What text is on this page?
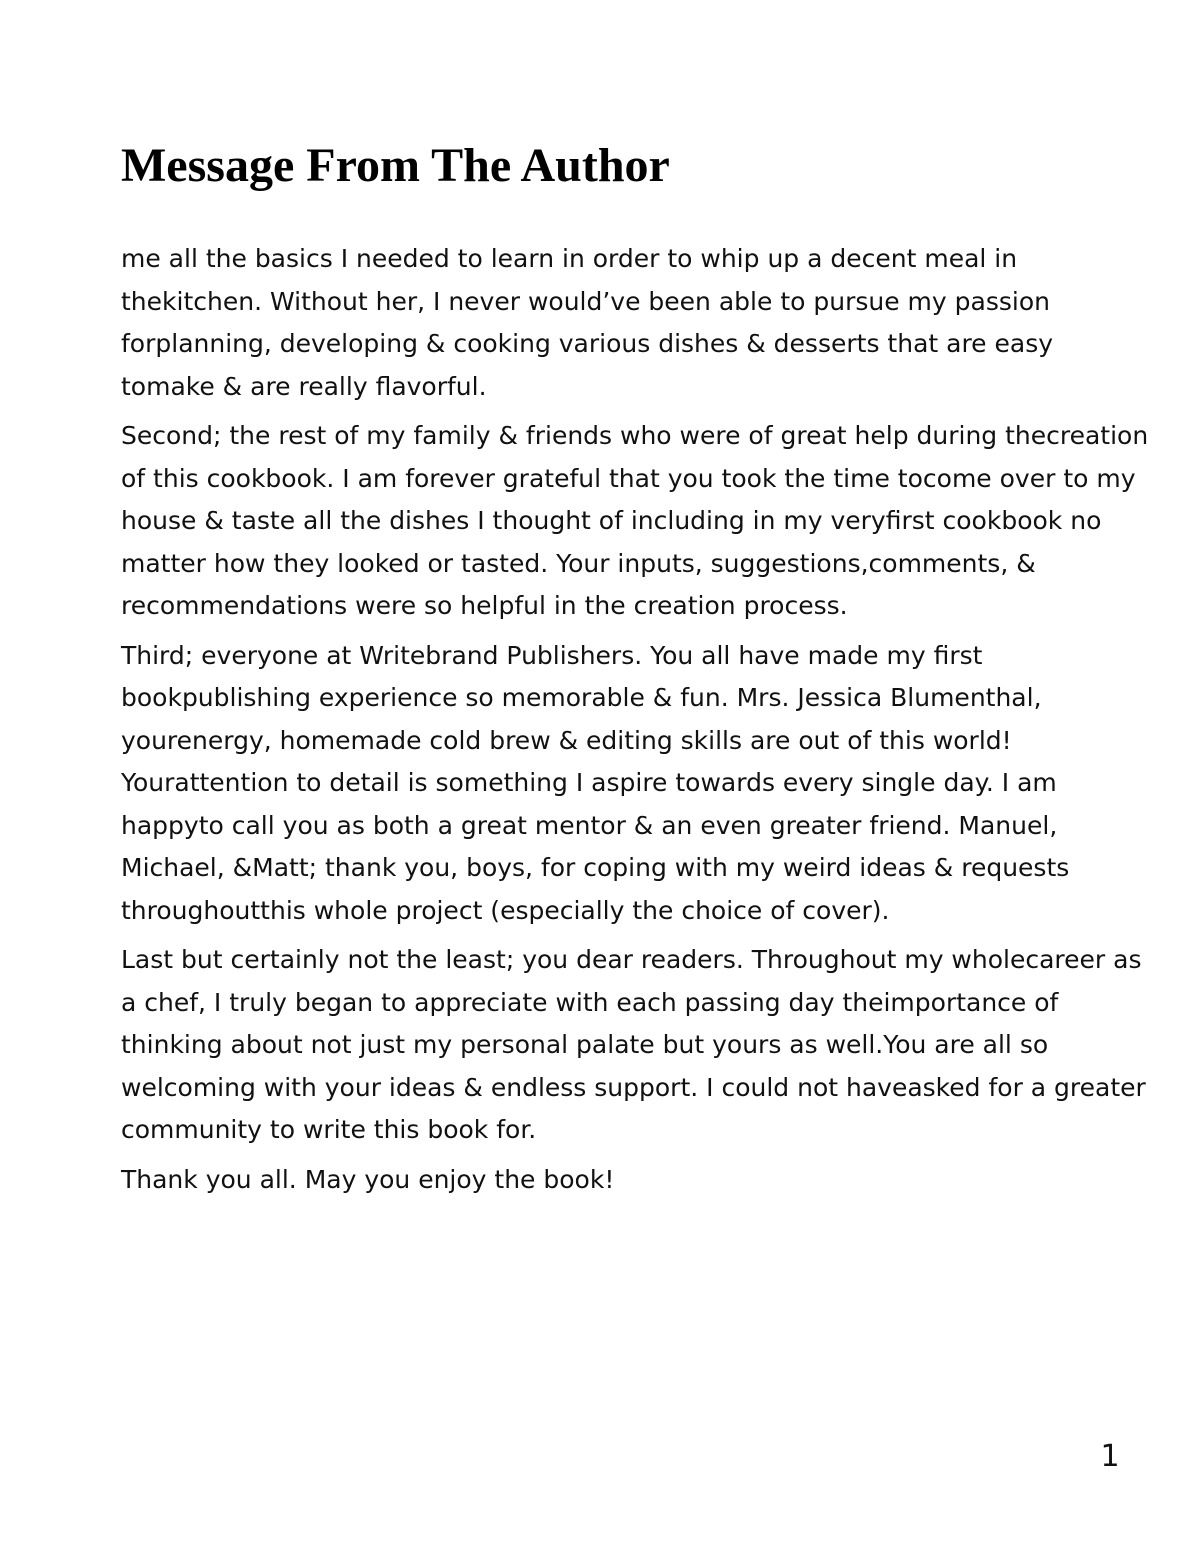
Message From The Author

me all the basics I needed to learn in order to whip up a decent meal in thekitchen. Without her, I never would’ve been able to pursue my passion forplanning, developing & cooking various dishes & desserts that are easy tomake & are really flavorful.

Second; the rest of my family & friends who were of great help during thecreation of this cookbook. I am forever grateful that you took the time tocome over to my house & taste all the dishes I thought of including in my veryfirst cookbook no matter how they looked or tasted. Your inputs, suggestions,comments, & recommendations were so helpful in the creation process.

Third; everyone at Writebrand Publishers. You all have made my first bookpublishing experience so memorable & fun. Mrs. Jessica Blumenthal, yourenergy, homemade cold brew & editing skills are out of this world! Yourattention to detail is something I aspire towards every single day. I am happyto call you as both a great mentor & an even greater friend. Manuel, Michael, &Matt; thank you, boys, for coping with my weird ideas & requests throughoutthis whole project (especially the choice of cover).

Last but certainly not the least; you dear readers. Throughout my wholecareer as a chef, I truly began to appreciate with each passing day theimportance of thinking about not just my personal palate but yours as well.You are all so welcoming with your ideas & endless support. I could not haveasked for a greater community to write this book for.

Thank you all. May you enjoy the book!

1
